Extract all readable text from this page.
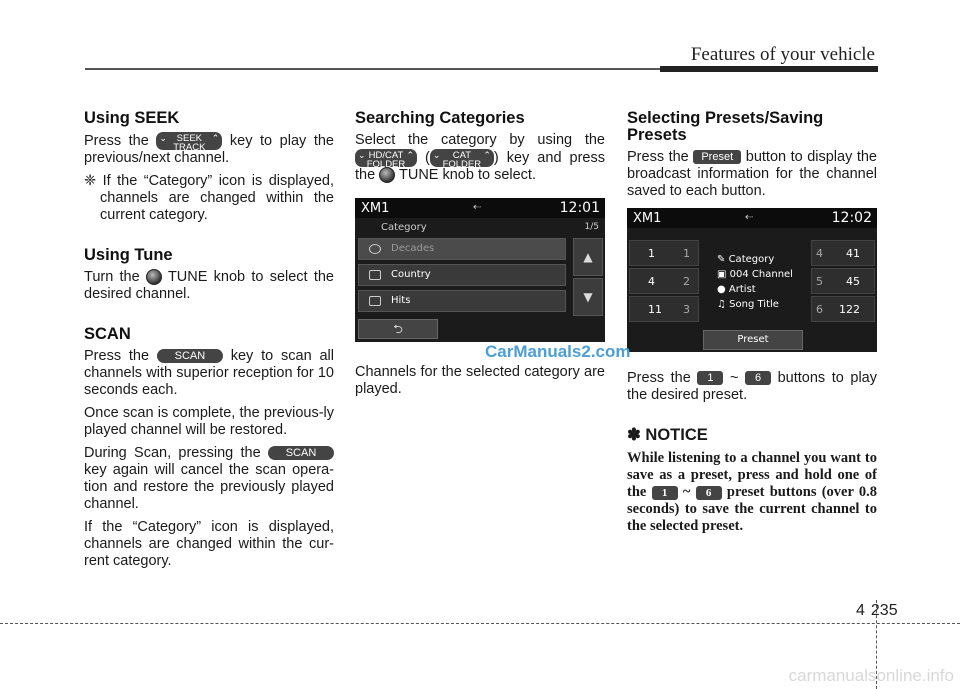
Features of your vehicle
Using SEEK

Press the ⌄ SEEK
TRACK
⌃ key to play the previous/next channel.

❈ If the “Category” icon is displayed, channels are changed within the current category.

Using Tune

Turn the TUNE knob to select the desired channel.

SCAN

Press the SCAN key to scan all channels with superior reception for 10 seconds each.

Once scan is complete, the previous-ly played channel will be restored.

During Scan, pressing the SCAN key again will cancel the scan opera-tion and restore the previously played channel.

If the “Category” icon is displayed, channels are changed within the cur-rent category.

Searching Categories

Select the category by using the
⌄ HD/CAT
FOLDER
⌃ ( ⌄ CAT
FOLDER
⌃ ) key and press the TUNE knob to select.

XM1	⇠	12:01
Category	1/5
Decades
Country
Hits
▲
▼
⮌

Channels for the selected category are played.

Selecting Presets/Saving Presets

Press the Preset button to display the broadcast information for the channel saved to each button.

XM1	⇠	12:02
1	1
4	2
11 3
4 41
5 45
6 122
✎ Category
▣ 004 Channel
● Artist
♫ Song Title
Preset

Press the 1 ~ 6 buttons to play the desired preset.

✽ NOTICE

While listening to a channel you want to save as a preset, press and hold one of the 1 ~ 6 preset buttons (over 0.8 seconds) to save the current channel to the selected preset.

CarManuals2.com
4 235
carmanualsonline.info
